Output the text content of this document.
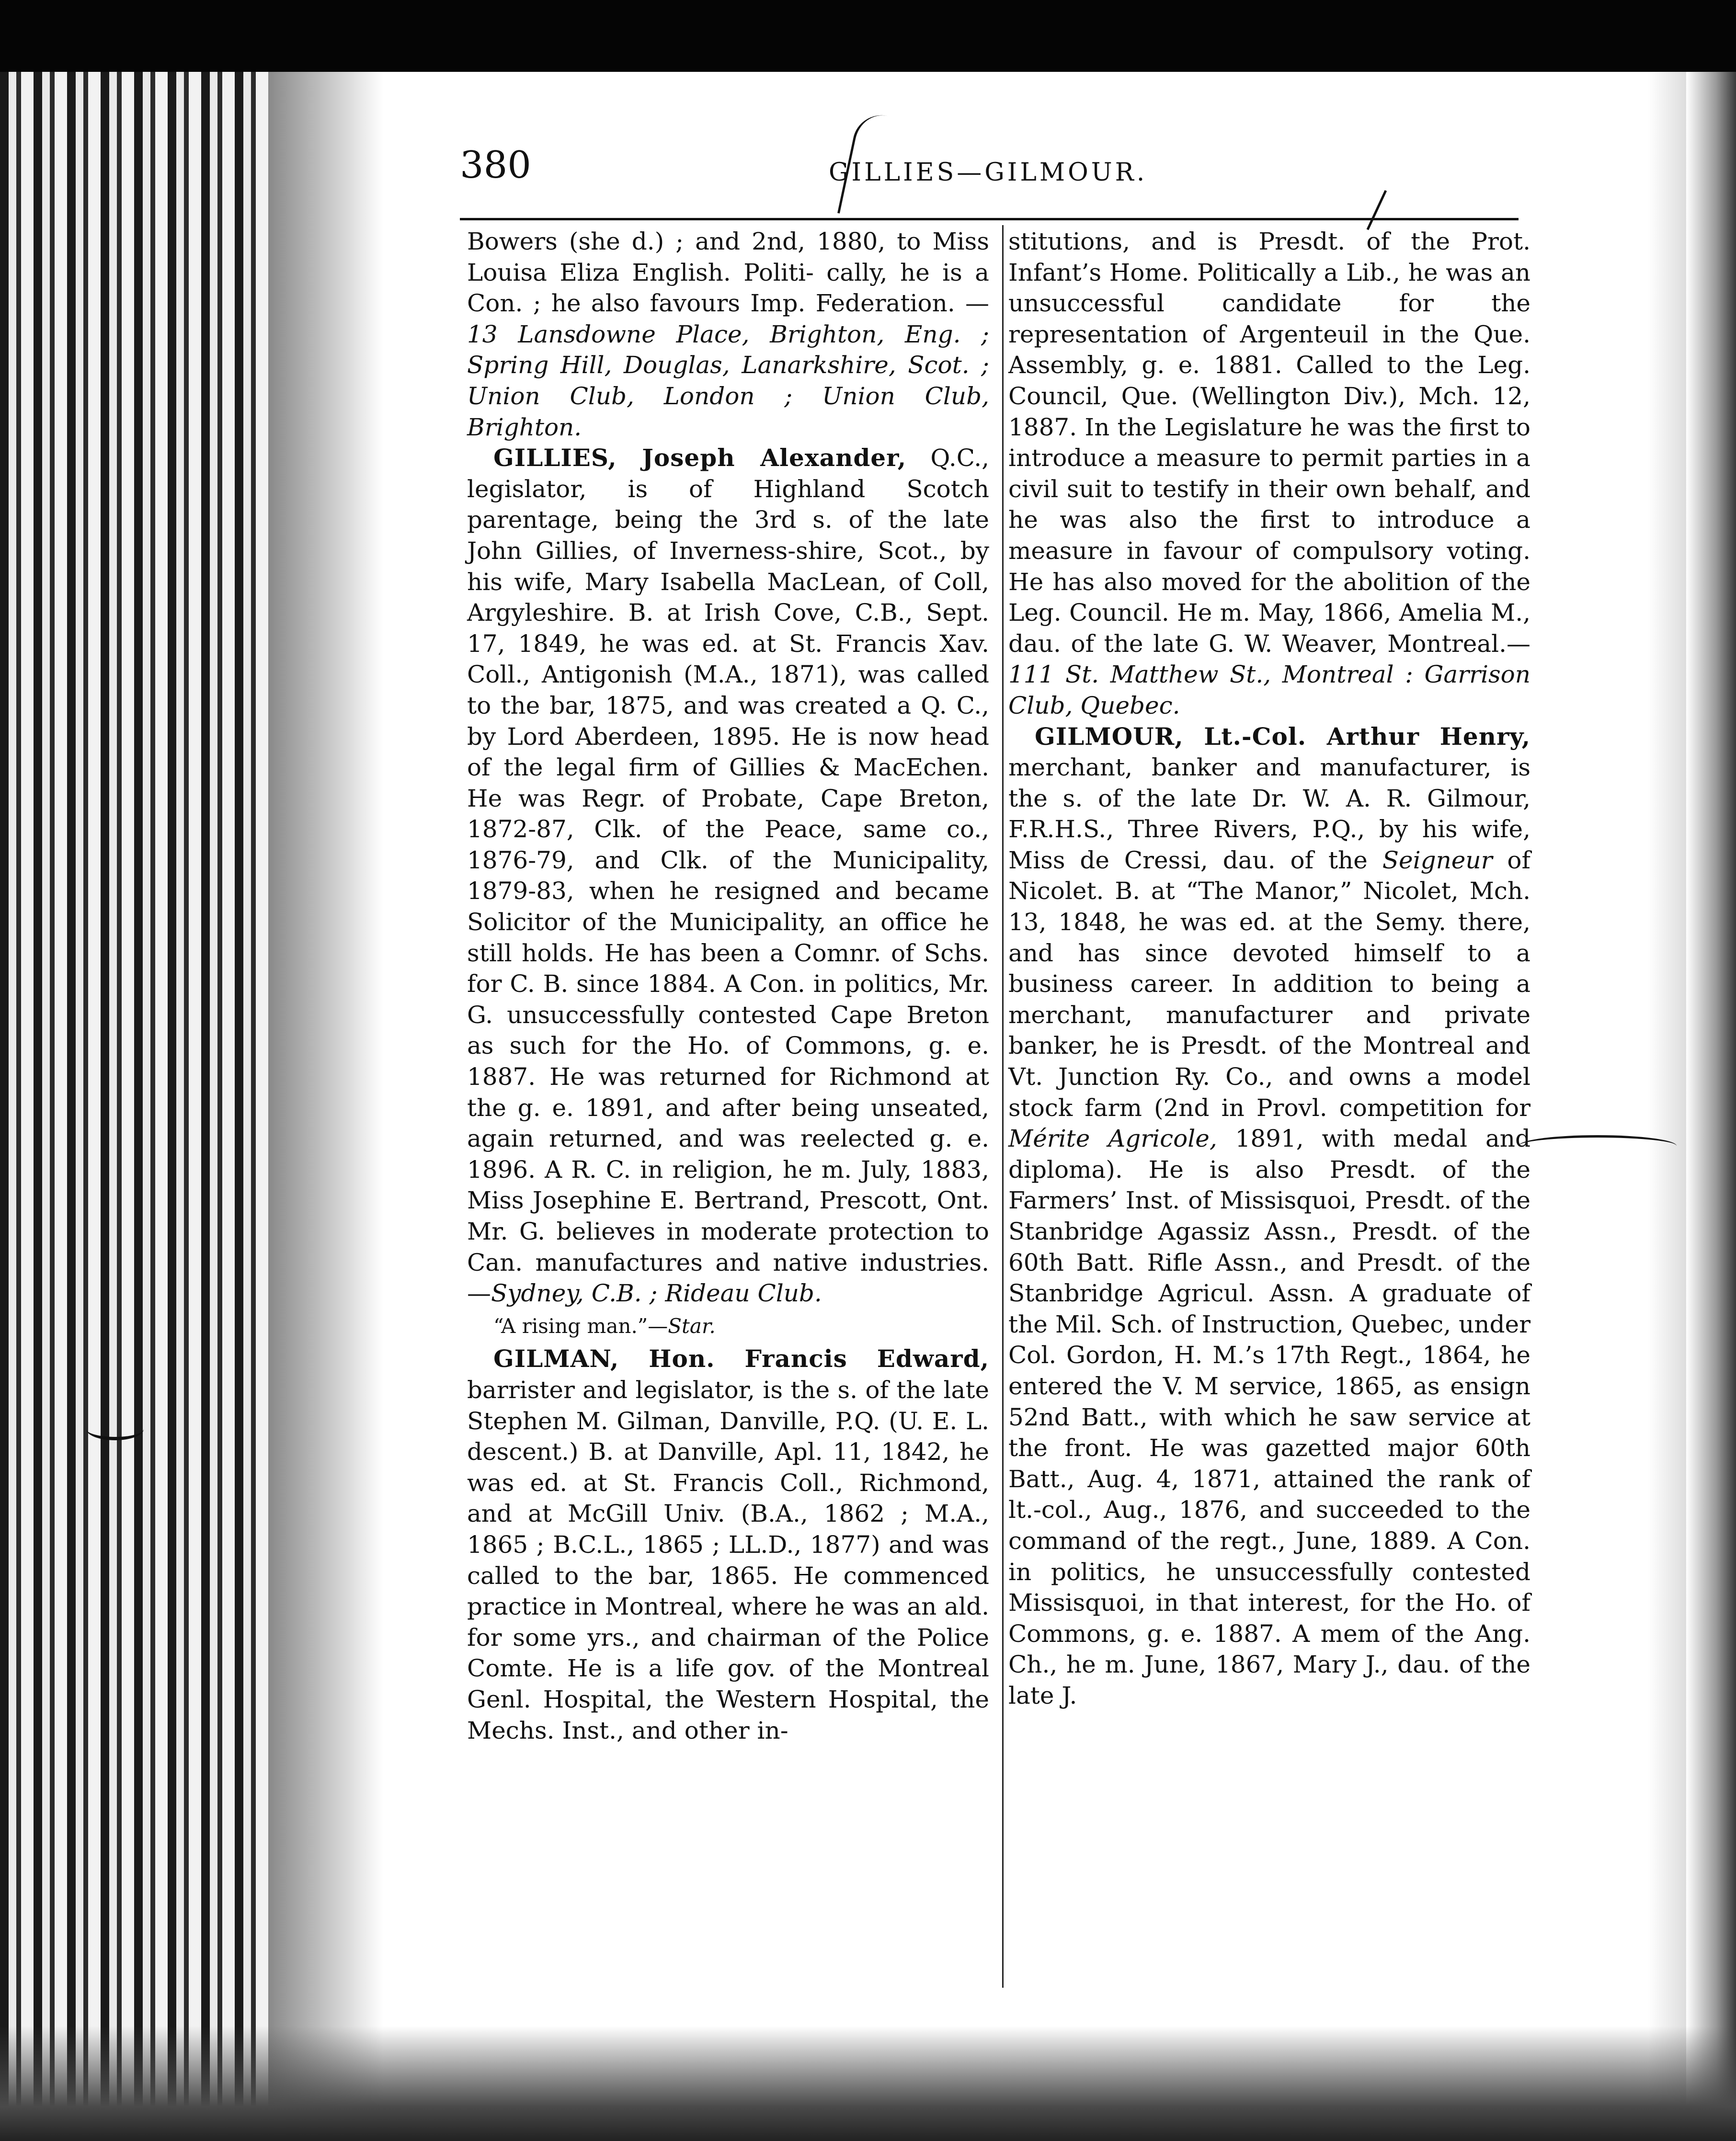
380	GILLIES—GILMOUR.

Bowers (she d.) ; and 2nd, 1880, to Miss Louisa Eliza English. Politi- cally, he is a Con. ; he also favours Imp. Federation. — 13 Lansdowne Place, Brighton, Eng. ; Spring Hill, Douglas, Lanarkshire, Scot. ; Union Club, London ; Union Club, Brighton.

GILLIES, Joseph Alexander, Q.C., legislator, is of Highland Scotch parentage, being the 3rd s. of the late John Gillies, of Inverness-shire, Scot., by his wife, Mary Isabella MacLean, of Coll, Argyleshire. B. at Irish Cove, C.B., Sept. 17, 1849, he was ed. at St. Francis Xav. Coll., Antigonish (M.A., 1871), was called to the bar, 1875, and was created a Q. C., by Lord Aberdeen, 1895. He is now head of the legal firm of Gillies & MacEchen. He was Regr. of Probate, Cape Breton, 1872-87, Clk. of the Peace, same co., 1876-79, and Clk. of the Municipality, 1879-83, when he resigned and became Solicitor of the Municipality, an office he still holds. He has been a Comnr. of Schs. for C. B. since 1884. A Con. in politics, Mr. G. unsuccessfully contested Cape Breton as such for the Ho. of Commons, g. e. 1887. He was returned for Richmond at the g. e. 1891, and after being unseated, again returned, and was reelected g. e. 1896. A R. C. in religion, he m. July, 1883, Miss Josephine E. Bertrand, Prescott, Ont. Mr. G. believes in moderate protection to Can. manufactures and native industries.—Sydney, C.B. ; Rideau Club.

“A rising man.”—Star.

GILMAN, Hon. Francis Edward, barrister and legislator, is the s. of the late Stephen M. Gilman, Danville, P.Q. (U. E. L. descent.) B. at Danville, Apl. 11, 1842, he was ed. at St. Francis Coll., Richmond, and at McGill Univ. (B.A., 1862 ; M.A., 1865 ; B.C.L., 1865 ; LL.D., 1877) and was called to the bar, 1865. He commenced practice in Montreal, where he was an ald. for some yrs., and chairman of the Police Comte. He is a life gov. of the Montreal Genl. Hospital, the Western Hospital, the Mechs. Inst., and other in-

stitutions, and is Presdt. of the Prot. Infant’s Home. Politically a Lib., he was an unsuccessful candidate for the representation of Argenteuil in the Que. Assembly, g. e. 1881. Called to the Leg. Council, Que. (Wellington Div.), Mch. 12, 1887. In the Legislature he was the first to introduce a measure to permit parties in a civil suit to testify in their own behalf, and he was also the first to introduce a measure in favour of compulsory voting. He has also moved for the abolition of the Leg. Council. He m. May, 1866, Amelia M., dau. of the late G. W. Weaver, Montreal.—111 St. Matthew St., Montreal : Garrison Club, Quebec.

GILMOUR, Lt.-Col. Arthur Henry, merchant, banker and manufacturer, is the s. of the late Dr. W. A. R. Gilmour, F.R.H.S., Three Rivers, P.Q., by his wife, Miss de Cressi, dau. of the Seigneur of Nicolet. B. at “The Manor,” Nicolet, Mch. 13, 1848, he was ed. at the Semy. there, and has since devoted himself to a business career. In addition to being a merchant, manufacturer and private banker, he is Presdt. of the Montreal and Vt. Junction Ry. Co., and owns a model stock farm (2nd in Provl. competition for Mérite Agricole, 1891, with medal and diploma). He is also Presdt. of the Farmers’ Inst. of Missisquoi, Presdt. of the Stanbridge Agassiz Assn., Presdt. of the 60th Batt. Rifle Assn., and Presdt. of the Stanbridge Agricul. Assn. A graduate of the Mil. Sch. of Instruction, Quebec, under Col. Gordon, H. M.’s 17th Regt., 1864, he entered the V. M service, 1865, as ensign 52nd Batt., with which he saw service at the front. He was gazetted major 60th Batt., Aug. 4, 1871, attained the rank of lt.-col., Aug., 1876, and succeeded to the command of the regt., June, 1889. A Con. in politics, he unsuccessfully contested Missisquoi, in that interest, for the Ho. of Commons, g. e. 1887. A mem of the Ang. Ch., he m. June, 1867, Mary J., dau. of the late J.
